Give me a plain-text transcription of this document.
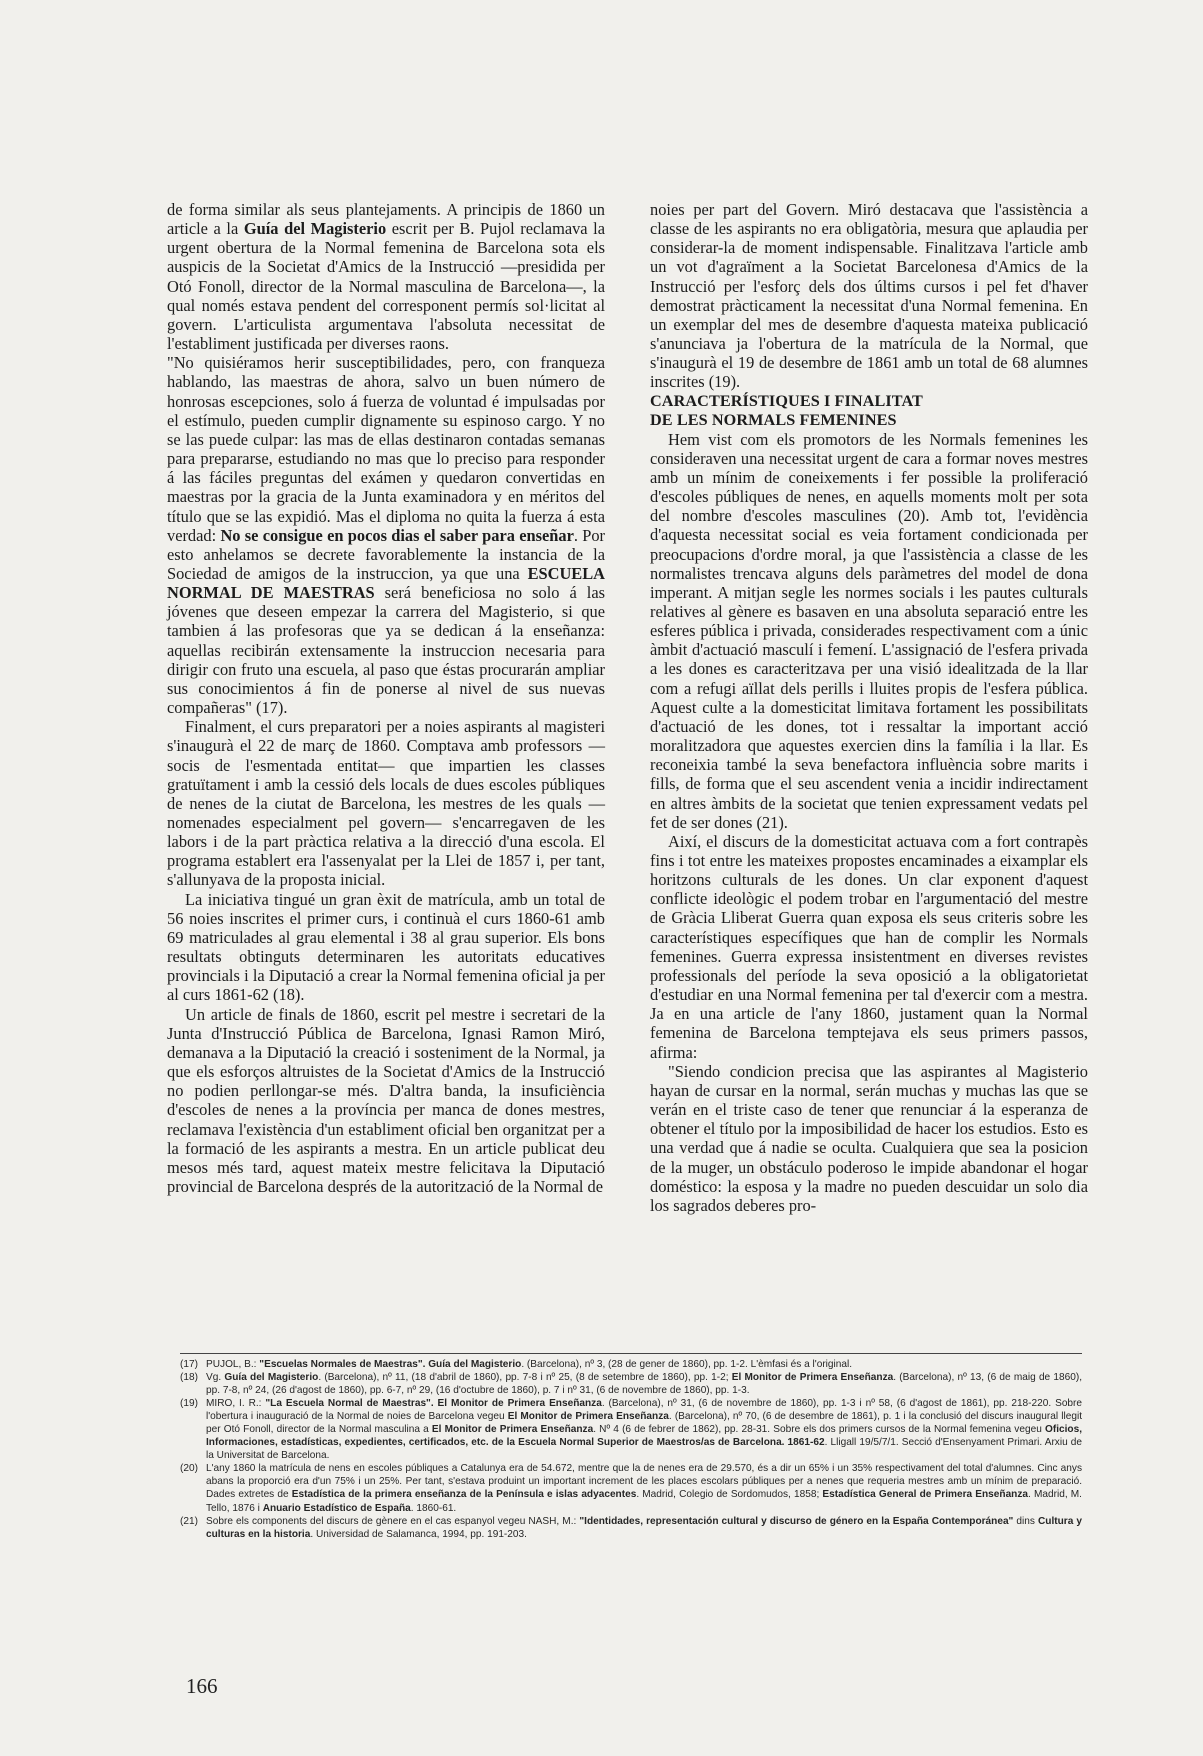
de forma similar als seus plantejaments. A principis de 1860 un article a la Guía del Magisterio escrit per B. Pujol reclamava la urgent obertura de la Normal femenina de Barcelona sota els auspicis de la Societat d'Amics de la Instrucció —presidida per Otó Fonoll, director de la Normal masculina de Barcelona—, la qual només estava pendent del corresponent permís sol·licitat al govern. L'articulista argumentava l'absoluta necessitat de l'establiment justificada per diverses raons.

"No quisiéramos herir susceptibilidades, pero, con franqueza hablando, las maestras de ahora, salvo un buen número de honrosas escepciones, solo á fuerza de voluntad é impulsadas por el estímulo, pueden cumplir dignamente su espinoso cargo. Y no se las puede culpar: las mas de ellas destinaron contadas semanas para prepararse, estudiando no mas que lo preciso para responder á las fáciles preguntas del exámen y quedaron convertidas en maestras por la gracia de la Junta examinadora y en méritos del título que se las expidió. Mas el diploma no quita la fuerza á esta verdad: No se consigue en pocos dias el saber para enseñar. Por esto anhelamos se decrete favorablemente la instancia de la Sociedad de amigos de la instruccion, ya que una ESCUELA NORMAL DE MAESTRAS será beneficiosa no solo á las jóvenes que deseen empezar la carrera del Magisterio, si que tambien á las profesoras que ya se dedican á la enseñanza: aquellas recibirán extensamente la instruccion necesaria para dirigir con fruto una escuela, al paso que éstas procurarán ampliar sus conocimientos á fin de ponerse al nivel de sus nuevas compañeras" (17).

Finalment, el curs preparatori per a noies aspirants al magisteri s'inaugurà el 22 de març de 1860. Comptava amb professors —socis de l'esmentada entitat— que impartien les classes gratuïtament i amb la cessió dels locals de dues escoles públiques de nenes de la ciutat de Barcelona, les mestres de les quals —nomenades especialment pel govern— s'encarregaven de les labors i de la part pràctica relativa a la direcció d'una escola. El programa establert era l'assenyalat per la Llei de 1857 i, per tant, s'allunyava de la proposta inicial.

La iniciativa tingué un gran èxit de matrícula, amb un total de 56 noies inscrites el primer curs, i continuà el curs 1860-61 amb 69 matriculades al grau elemental i 38 al grau superior. Els bons resultats obtinguts determinaren les autoritats educatives provincials i la Diputació a crear la Normal femenina oficial ja per al curs 1861-62 (18).

Un article de finals de 1860, escrit pel mestre i secretari de la Junta d'Instrucció Pública de Barcelona, Ignasi Ramon Miró, demanava a la Diputació la creació i sosteniment de la Normal, ja que els esforços altruistes de la Societat d'Amics de la Instrucció no podien perllongar-se més. D'altra banda, la insuficiència d'escoles de nenes a la província per manca de dones mestres, reclamava l'existència d'un establiment oficial ben organitzat per a la formació de les aspirants a mestra. En un article publicat deu mesos més tard, aquest mateix mestre felicitava la Diputació provincial de Barcelona després de la autorització de la Normal de

noies per part del Govern. Miró destacava que l'assistència a classe de les aspirants no era obligatòria, mesura que aplaudia per considerar-la de moment indispensable. Finalitzava l'article amb un vot d'agraïment a la Societat Barcelonesa d'Amics de la Instrucció per l'esforç dels dos últims cursos i pel fet d'haver demostrat pràcticament la necessitat d'una Normal femenina. En un exemplar del mes de desembre d'aquesta mateixa publicació s'anunciava ja l'obertura de la matrícula de la Normal, que s'inaugurà el 19 de desembre de 1861 amb un total de 68 alumnes inscrites (19).

CARACTERÍSTIQUES I FINALITAT
DE LES NORMALS FEMENINES

Hem vist com els promotors de les Normals femenines les consideraven una necessitat urgent de cara a formar noves mestres amb un mínim de coneixements i fer possible la proliferació d'escoles públiques de nenes, en aquells moments molt per sota del nombre d'escoles masculines (20). Amb tot, l'evidència d'aquesta necessitat social es veia fortament condicionada per preocupacions d'ordre moral, ja que l'assistència a classe de les normalistes trencava alguns dels paràmetres del model de dona imperant. A mitjan segle les normes socials i les pautes culturals relatives al gènere es basaven en una absoluta separació entre les esferes pública i privada, considerades respectivament com a únic àmbit d'actuació masculí i femení. L'assignació de l'esfera privada a les dones es caracteritzava per una visió idealitzada de la llar com a refugi aïllat dels perills i lluites propis de l'esfera pública. Aquest culte a la domesticitat limitava fortament les possibilitats d'actuació de les dones, tot i ressaltar la important acció moralitzadora que aquestes exercien dins la família i la llar. Es reconeixia també la seva benefactora influència sobre marits i fills, de forma que el seu ascendent venia a incidir indirectament en altres àmbits de la societat que tenien expressament vedats pel fet de ser dones (21).

Així, el discurs de la domesticitat actuava com a fort contrapès fins i tot entre les mateixes propostes encaminades a eixamplar els horitzons culturals de les dones. Un clar exponent d'aquest conflicte ideològic el podem trobar en l'argumentació del mestre de Gràcia Lliberat Guerra quan exposa els seus criteris sobre les característiques específiques que han de complir les Normals femenines. Guerra expressa insistentment en diverses revistes professionals del període la seva oposició a la obligatorietat d'estudiar en una Normal femenina per tal d'exercir com a mestra. Ja en una article de l'any 1860, justament quan la Normal femenina de Barcelona temptejava els seus primers passos, afirma:

"Siendo condicion precisa que las aspirantes al Magisterio hayan de cursar en la normal, serán muchas y muchas las que se verán en el triste caso de tener que renunciar á la esperanza de obtener el título por la imposibilidad de hacer los estudios. Esto es una verdad que á nadie se oculta. Cualquiera que sea la posicion de la muger, un obstáculo poderoso le impide abandonar el hogar doméstico: la esposa y la madre no pueden descuidar un solo dia los sagrados deberes pro-

(17) PUJOL, B.: "Escuelas Normales de Maestras". Guía del Magisterio. (Barcelona), nº 3, (28 de gener de 1860), pp. 1-2. L'èmfasi és a l'original.
(18) Vg. Guía del Magisterio. (Barcelona), nº 11, (18 d'abril de 1860), pp. 7-8 i nº 25, (8 de setembre de 1860), pp. 1-2; El Monitor de Primera Enseñanza. (Barcelona), nº 13, (6 de maig de 1860), pp. 7-8, nº 24, (26 d'agost de 1860), pp. 6-7, nº 29, (16 d'octubre de 1860), p. 7 i nº 31, (6 de novembre de 1860), pp. 1-3.
(19) MIRO, I. R.: "La Escuela Normal de Maestras". El Monitor de Primera Enseñanza. (Barcelona), nº 31, (6 de novembre de 1860), pp. 1-3 i nº 58, (6 d'agost de 1861), pp. 218-220. Sobre l'obertura i inauguració de la Normal de noies de Barcelona vegeu El Monitor de Primera Enseñanza. (Barcelona), nº 70, (6 de desembre de 1861), p. 1 i la conclusió del discurs inaugural llegit per Otó Fonoll, director de la Normal masculina a El Monitor de Primera Enseñanza. Nº 4 (6 de febrer de 1862), pp. 28-31. Sobre els dos primers cursos de la Normal femenina vegeu Oficios, Informaciones, estadísticas, expedientes, certificados, etc. de la Escuela Normal Superior de Maestros/as de Barcelona. 1861-62. Lligall 19/5/7/1. Secció d'Ensenyament Primari. Arxiu de la Universitat de Barcelona.
(20) L'any 1860 la matrícula de nens en escoles públiques a Catalunya era de 54.672, mentre que la de nenes era de 29.570, és a dir un 65% i un 35% respectivament del total d'alumnes. Cinc anys abans la proporció era d'un 75% i un 25%. Per tant, s'estava produint un important increment de les places escolars públiques per a nenes que requeria mestres amb un mínim de preparació. Dades extretes de Estadística de la primera enseñanza de la Península e islas adyacentes. Madrid, Colegio de Sordomudos, 1858; Estadística General de Primera Enseñanza. Madrid, M. Tello, 1876 i Anuario Estadístico de España. 1860-61.
(21) Sobre els components del discurs de gènere en el cas espanyol vegeu NASH, M.: "Identidades, representación cultural y discurso de género en la España Contemporánea" dins Cultura y culturas en la historia. Universidad de Salamanca, 1994, pp. 191-203.
166
